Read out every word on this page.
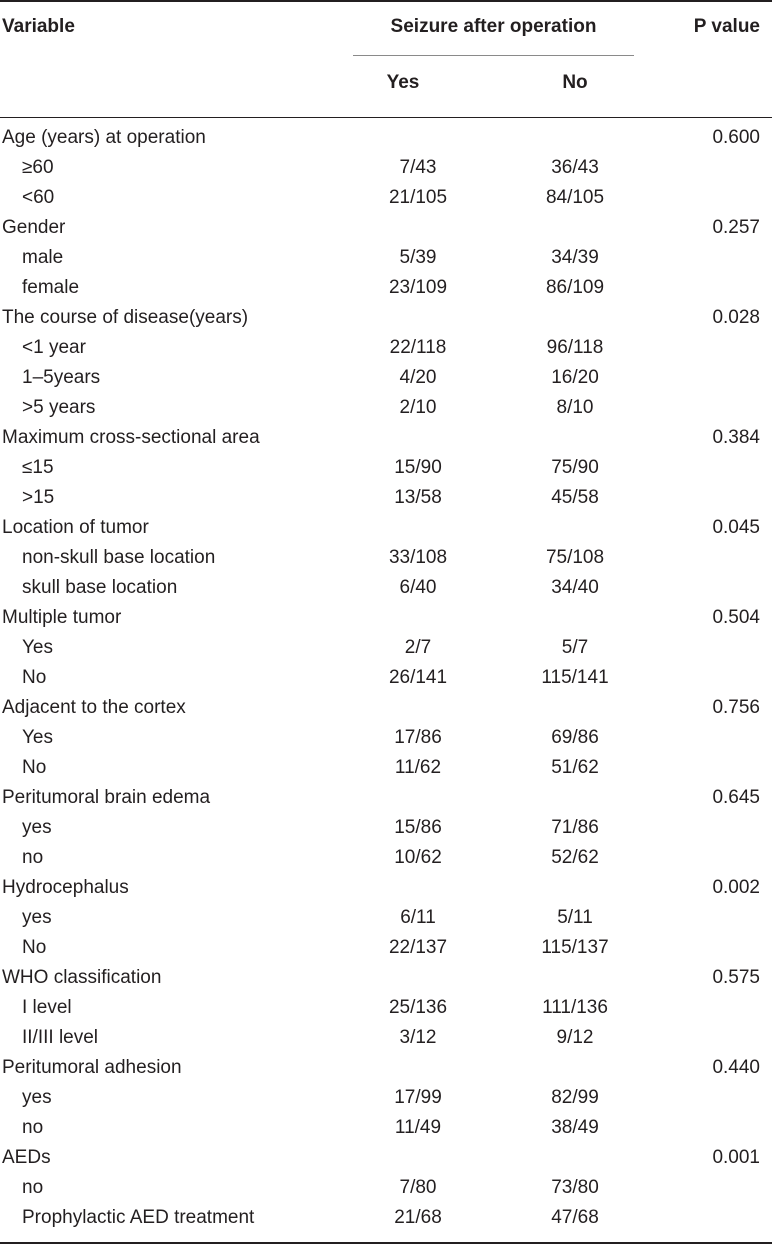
Variable	Seizure after operation	P value
Yes	No
Age (years) at operation	0.600
≥60	7/43	36/43
<60	21/105	84/105
Gender	0.257
male	5/39	34/39
female	23/109	86/109
The course of disease(years)	0.028
<1 year	22/118	96/118
1–5years	4/20	16/20
>5 years	2/10	8/10
Maximum cross-sectional area	0.384
≤15	15/90	75/90
>15	13/58	45/58
Location of tumor	0.045
non-skull base location	33/108	75/108
skull base location	6/40	34/40
Multiple tumor	0.504
Yes	2/7	5/7
No	26/141	115/141
Adjacent to the cortex	0.756
Yes	17/86	69/86
No	11/62	51/62
Peritumoral brain edema	0.645
yes	15/86	71/86
no	10/62	52/62
Hydrocephalus	0.002
yes	6/11	5/11
No	22/137	115/137
WHO classification	0.575
I level	25/136	111/136
II/III level	3/12	9/12
Peritumoral adhesion	0.440
yes	17/99	82/99
no	11/49	38/49
AEDs	0.001
no	7/80	73/80
Prophylactic AED treatment	21/68	47/68
